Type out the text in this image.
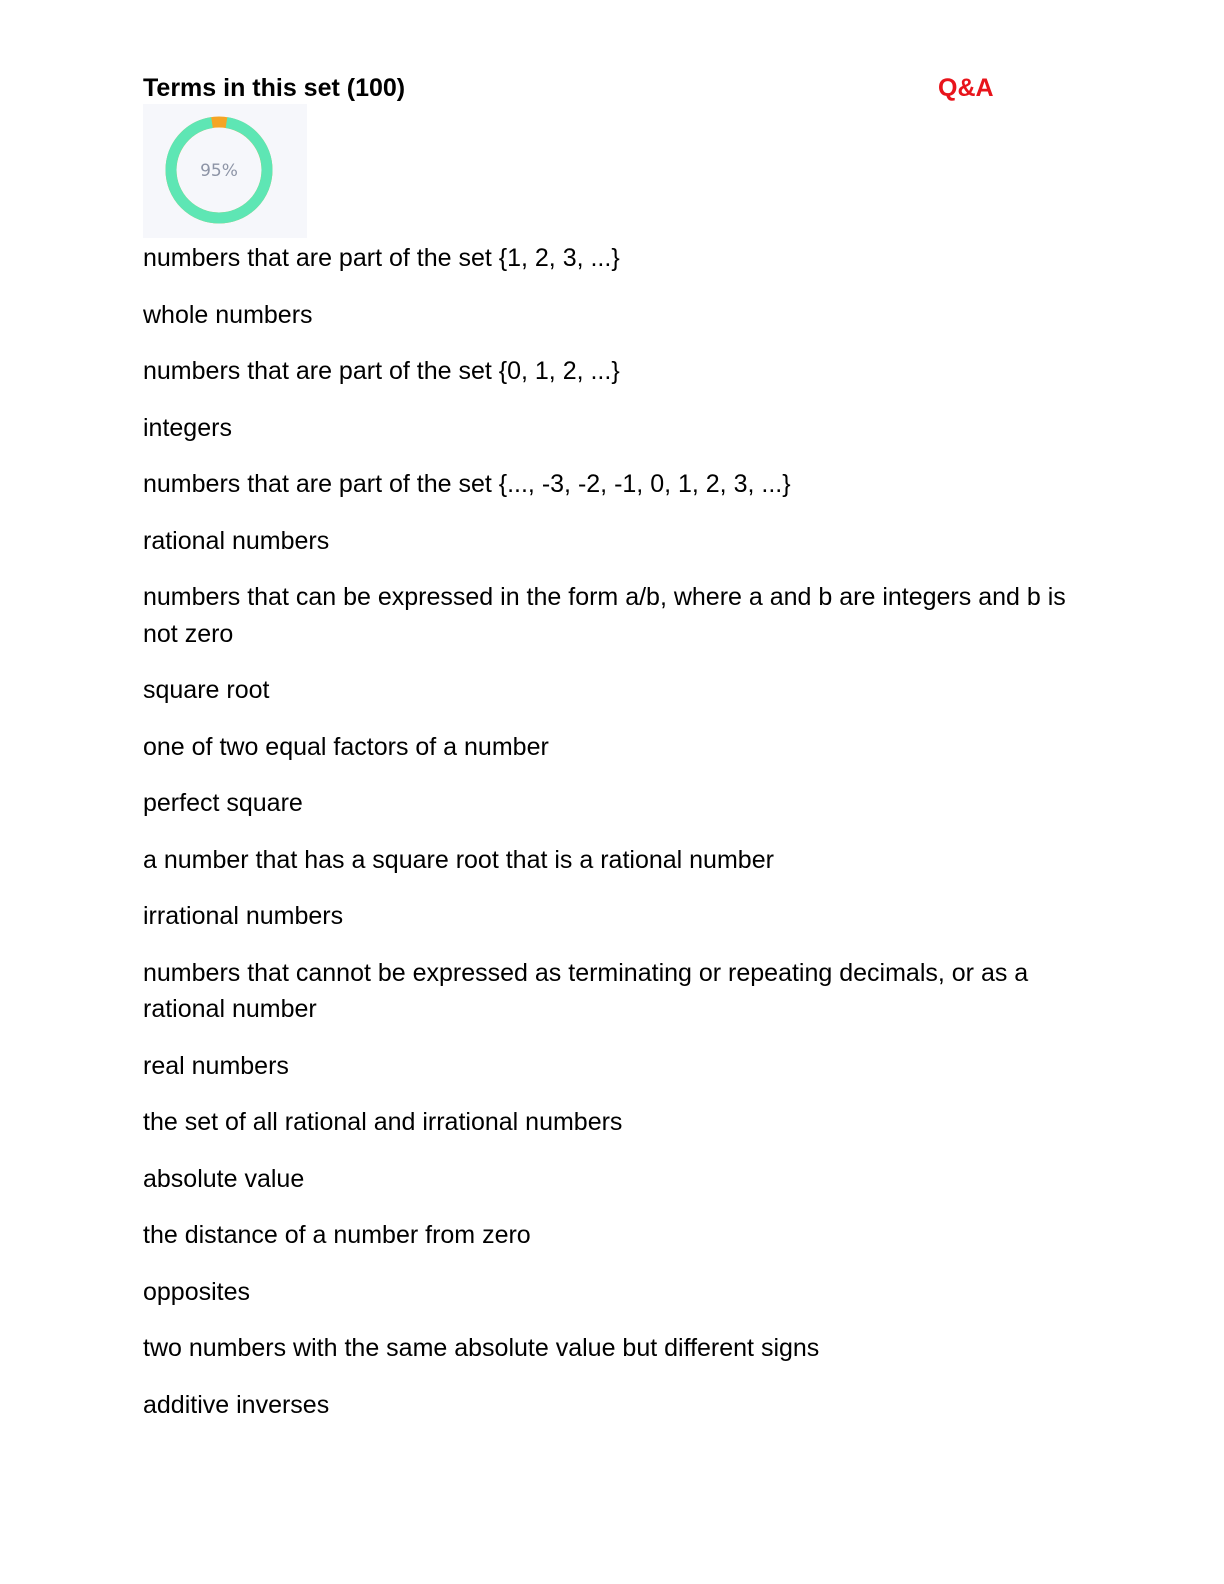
Terms in this set (100)	Q&A
95%
numbers that are part of the set {1, 2, 3, ...}
whole numbers
numbers that are part of the set {0, 1, 2, ...}
integers
numbers that are part of the set {..., -3, -2, -1, 0, 1, 2, 3, ...}
rational numbers
numbers that can be expressed in the form a/b, where a and b are integers and b is not zero
square root
one of two equal factors of a number
perfect square
a number that has a square root that is a rational number
irrational numbers
numbers that cannot be expressed as terminating or repeating decimals, or as a rational number
real numbers
the set of all rational and irrational numbers
absolute value
the distance of a number from zero
opposites
two numbers with the same absolute value but different signs
additive inverses
